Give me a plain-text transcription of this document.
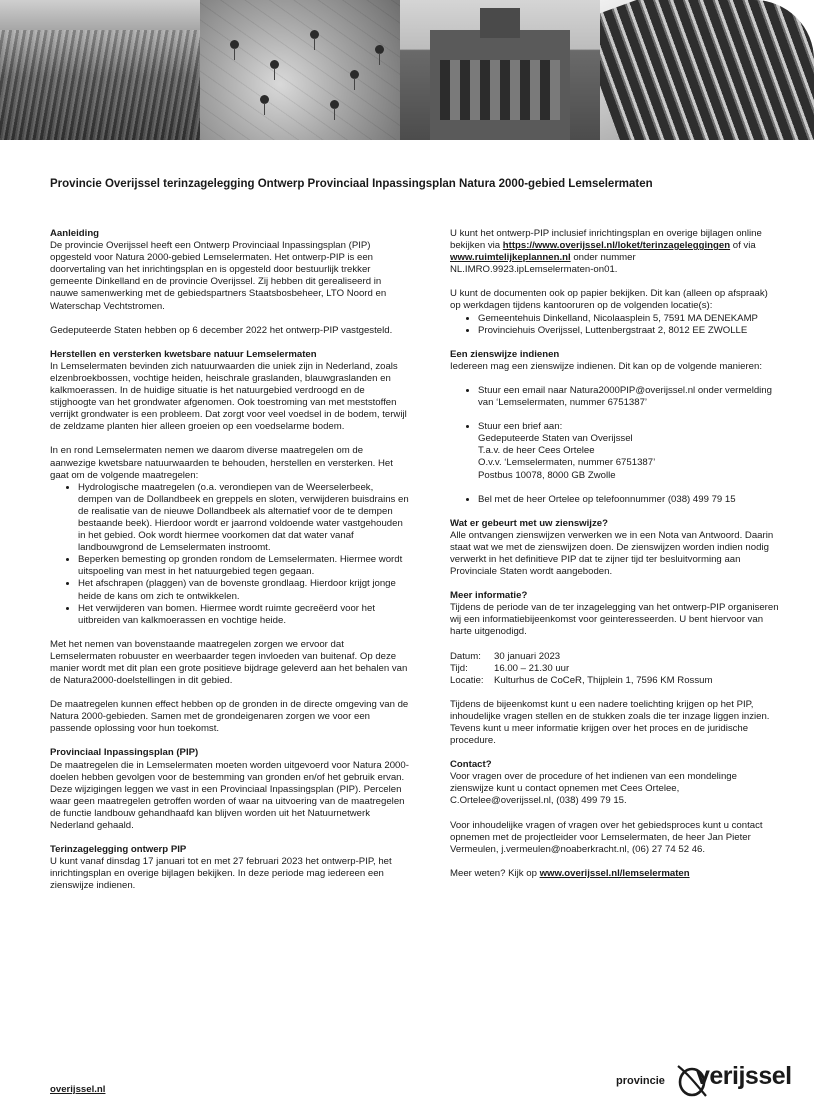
Provincie Overijssel terinzagelegging Ontwerp Provinciaal Inpassingsplan Natura 2000-gebied Lemselermaten
Aanleiding

De provincie Overijssel heeft een Ontwerp Provinciaal Inpassingsplan (PIP) opgesteld voor Natura 2000-gebied Lemselermaten. Het ontwerp-PIP is een doorvertaling van het inrichtingsplan en is opgesteld door bestuurlijk trekker gemeente Dinkelland en de provincie Overijssel. Zij hebben dit gerealiseerd in nauwe samenwerking met de gebiedspartners Staatsbosbeheer, LTO Noord en Waterschap Vechtstromen.

Gedeputeerde Staten hebben op 6 december 2022 het ontwerp-PIP vastgesteld.

Herstellen en versterken kwetsbare natuur Lemselermaten

In Lemselermaten bevinden zich natuurwaarden die uniek zijn in Nederland, zoals elzenbroekbossen, vochtige heiden, heischrale graslanden, blauwgraslanden en kalkmoerassen. In de huidige situatie is het natuurgebied verdroogd en de stijghoogte van het grondwater afgenomen. Ook toestroming van met meststoffen verrijkt grondwater is een probleem. Dat zorgt voor veel voedsel in de bodem, terwijl de zeldzame planten hier alleen groeien op een voedselarme bodem.

In en rond Lemselermaten nemen we daarom diverse maatregelen om de aanwezige kwetsbare natuurwaarden te behouden, herstellen en versterken. Het gaat om de volgende maatregelen:

• Hydrologische maatregelen (o.a. verondiepen van de Weerselerbeek, dempen van de Dollandbeek en greppels en sloten, verwijderen buisdrains en de realisatie van de nieuwe Dollandbeek als alternatief voor de te dempen bestaande beek). Hierdoor wordt er jaarrond voldoende water vastgehouden in het gebied. Ook wordt hiermee voorkomen dat dat water vanaf landbouwgrond de Lemselermaten instroomt.
• Beperken bemesting op gronden rondom de Lemselermaten. Hiermee wordt uitspoeling van mest in het natuurgebied tegen gegaan.
• Het afschrapen (plaggen) van de bovenste grondlaag. Hierdoor krijgt jonge heide de kans om zich te ontwikkelen.
• Het verwijderen van bomen. Hiermee wordt ruimte gecreëerd voor het uitbreiden van kalkmoerassen en vochtige heide.

Met het nemen van bovenstaande maatregelen zorgen we ervoor dat Lemselermaten robuuster en weerbaarder tegen invloeden van buitenaf. Op deze manier wordt met dit plan een grote positieve bijdrage geleverd aan het behalen van de Natura2000-doelstellingen in dit gebied.

De maatregelen kunnen effect hebben op de gronden in de directe omgeving van de Natura 2000-gebieden. Samen met de grondeigenaren zorgen we voor een passende oplossing voor hun toekomst.

Provinciaal Inpassingsplan (PIP)

De maatregelen die in Lemselermaten moeten worden uitgevoerd voor Natura 2000-doelen hebben gevolgen voor de bestemming van gronden en/of het gebruik ervan. Deze wijzigingen leggen we vast in een Provinciaal Inpassingsplan (PIP). Percelen waar geen maatregelen getroffen worden of waar na uitvoering van de maatregelen de functie landbouw gehandhaafd kan blijven worden uit het Natuurnetwerk Nederland gehaald.

Terinzagelegging ontwerp PIP

U kunt vanaf dinsdag 17 januari tot en met 27 februari 2023 het ontwerp-PIP, het inrichtingsplan en overige bijlagen bekijken. In deze periode mag iedereen een zienswijze indienen.

U kunt het ontwerp-PIP inclusief inrichtingsplan en overige bijlagen online bekijken via https://www.overijssel.nl/loket/terinzageleggingen of via www.ruimtelijkeplannen.nl onder nummer NL.IMRO.9923.ipLemselermaten-on01.

U kunt de documenten ook op papier bekijken. Dit kan (alleen op afspraak) op werkdagen tijdens kantooruren op de volgenden locatie(s):

• Gemeentehuis Dinkelland, Nicolaasplein 5, 7591 MA DENEKAMP
• Provinciehuis Overijssel, Luttenbergstraat 2, 8012 EE ZWOLLE
Een zienswijze indienen

Iedereen mag een zienswijze indienen. Dit kan op de volgende manieren:

• Stuur een email naar Natura2000PIP@overijssel.nl onder vermelding van ‘Lemselermaten, nummer 6751387’
• Stuur een brief aan:
Gedeputeerde Staten van Overijssel
T.a.v. de heer Cees Ortelee
O.v.v. ‘Lemselermaten, nummer 6751387’
Postbus 10078, 8000 GB Zwolle
• Bel met de heer Ortelee op telefoonnummer (038) 499 79 15
Wat er gebeurt met uw zienswijze?

Alle ontvangen zienswijzen verwerken we in een Nota van Antwoord. Daarin staat wat we met de zienswijzen doen. De zienswijzen worden indien nodig verwerkt in het definitieve PIP dat te zijner tijd ter besluitvorming aan Provinciale Staten wordt aangeboden.

Meer informatie?

Tijdens de periode van de ter inzagelegging van het ontwerp-PIP organiseren wij een informatiebijeenkomst voor geinteresseerden. U bent hiervoor van harte uitgenodigd.

Datum:	30 januari 2023
Tijd:	16.00 – 21.30 uur
Locatie:	Kulturhus de CoCeR, Thijplein 1, 7596 KM Rossum

Tijdens de bijeenkomst kunt u een nadere toelichting krijgen op het PIP, inhoudelijke vragen stellen en de stukken zoals die ter inzage liggen inzien. Tevens kunt u meer informatie krijgen over het proces en de juridische procedure.

Contact?

Voor vragen over de procedure of het indienen van een mondelinge zienswijze kunt u contact opnemen met Cees Ortelee, C.Ortelee@overijssel.nl, (038) 499 79 15.

Voor inhoudelijke vragen of vragen over het gebiedsproces kunt u contact opnemen met de projectleider voor Lemselermaten, de heer Jan Pieter Vermeulen, j.vermeulen@noaberkracht.nl, (06) 27 74 52 46.

Meer weten? Kijk op www.overijssel.nl/lemselermaten

overijssel.nl
provincie verijssel
